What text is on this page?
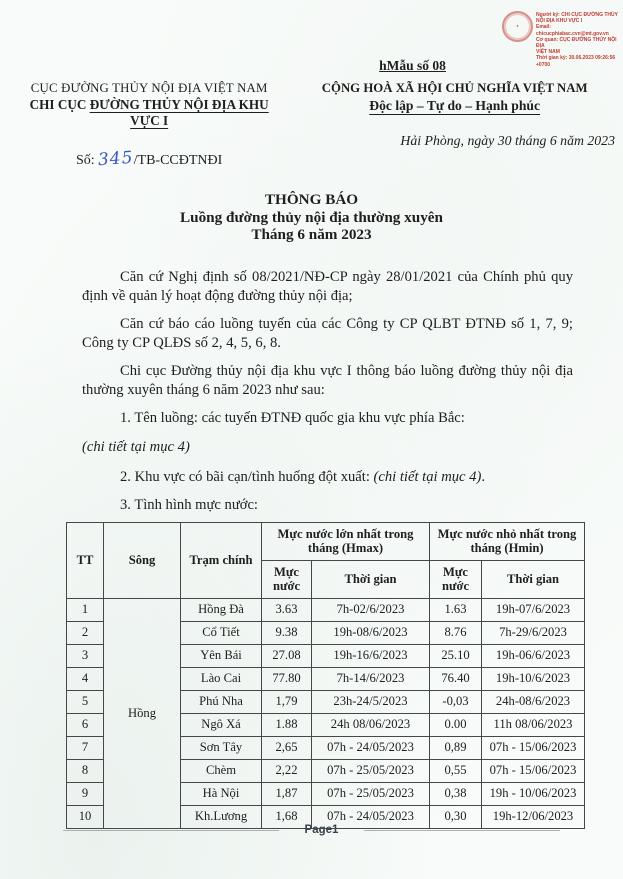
●
Người ký: CHI CỤC ĐƯỜNG THỦY
NỘI ĐỊA KHU VỰC I
Email: chicucphiabac.cvn@mt.gov.vn
Cơ quan: CỤC ĐƯỜNG THỦY NỘI ĐỊA
VIỆT NAM
Thời gian ký: 30.06.2023 09:26:56 +0700
hMẫu số 08
CỤC ĐƯỜNG THỦY NỘI ĐỊA VIỆT NAM
CHI CỤC ĐƯỜNG THỦY NỘI ĐỊA KHU VỰC I
Số: 345/TB-CCĐTNĐI
CỘNG HOÀ XÃ HỘI CHỦ NGHĨA VIỆT NAM
Độc lập – Tự do – Hạnh phúc
Hải Phòng, ngày 30 tháng 6 năm 2023
THÔNG BÁO
Luồng đường thủy nội địa thường xuyên
Tháng 6 năm 2023

Căn cứ Nghị định số 08/2021/NĐ-CP ngày 28/01/2021 của Chính phủ quy định về quản lý hoạt động đường thủy nội địa;

Căn cứ báo cáo luồng tuyến của các Công ty CP QLBT ĐTNĐ số 1, 7, 9; Công ty CP QLĐS số 2, 4, 5, 6, 8.

Chi cục Đường thủy nội địa khu vực I thông báo luồng đường thủy nội địa thường xuyên tháng 6 năm 2023 như sau:

1. Tên luồng: các tuyến ĐTNĐ quốc gia khu vực phía Bắc:
(chi tiết tại mục 4)
2. Khu vực có bãi cạn/tình huống đột xuất: (chi tiết tại mục 4).
3. Tình hình mực nước:
TT	Sông	Trạm chính	Mực nước lớn nhất trong tháng (Hmax)		Mực nước nhỏ nhất trong tháng (Hmin)	
			Mực nước	Thời gian	Mực nước	Thời gian
1	Hồng	Hồng Đà	3.63	7h-02/6/2023	1.63	19h-07/6/2023
2		Cổ Tiết	9.38	19h-08/6/2023	8.76	7h-29/6/2023
3		Yên Bái	27.08	19h-16/6/2023	25.10	19h-06/6/2023
4		Lào Cai	77.80	7h-14/6/2023	76.40	19h-10/6/2023
5		Phú Nha	1,79	23h-24/5/2023	-0,03	24h-08/6/2023
6		Ngô Xá	1.88	24h 08/06/2023	0.00	11h 08/06/2023
7		Sơn Tây	2,65	07h - 24/05/2023	0,89	07h - 15/06/2023
8		Chèm	2,22	07h - 25/05/2023	0,55	07h - 15/06/2023
9		Hà Nội	1,87	07h - 25/05/2023	0,38	19h - 10/06/2023
10		Kh.Lương	1,68	07h - 24/05/2023	0,30	19h-12/06/2023
Page1
